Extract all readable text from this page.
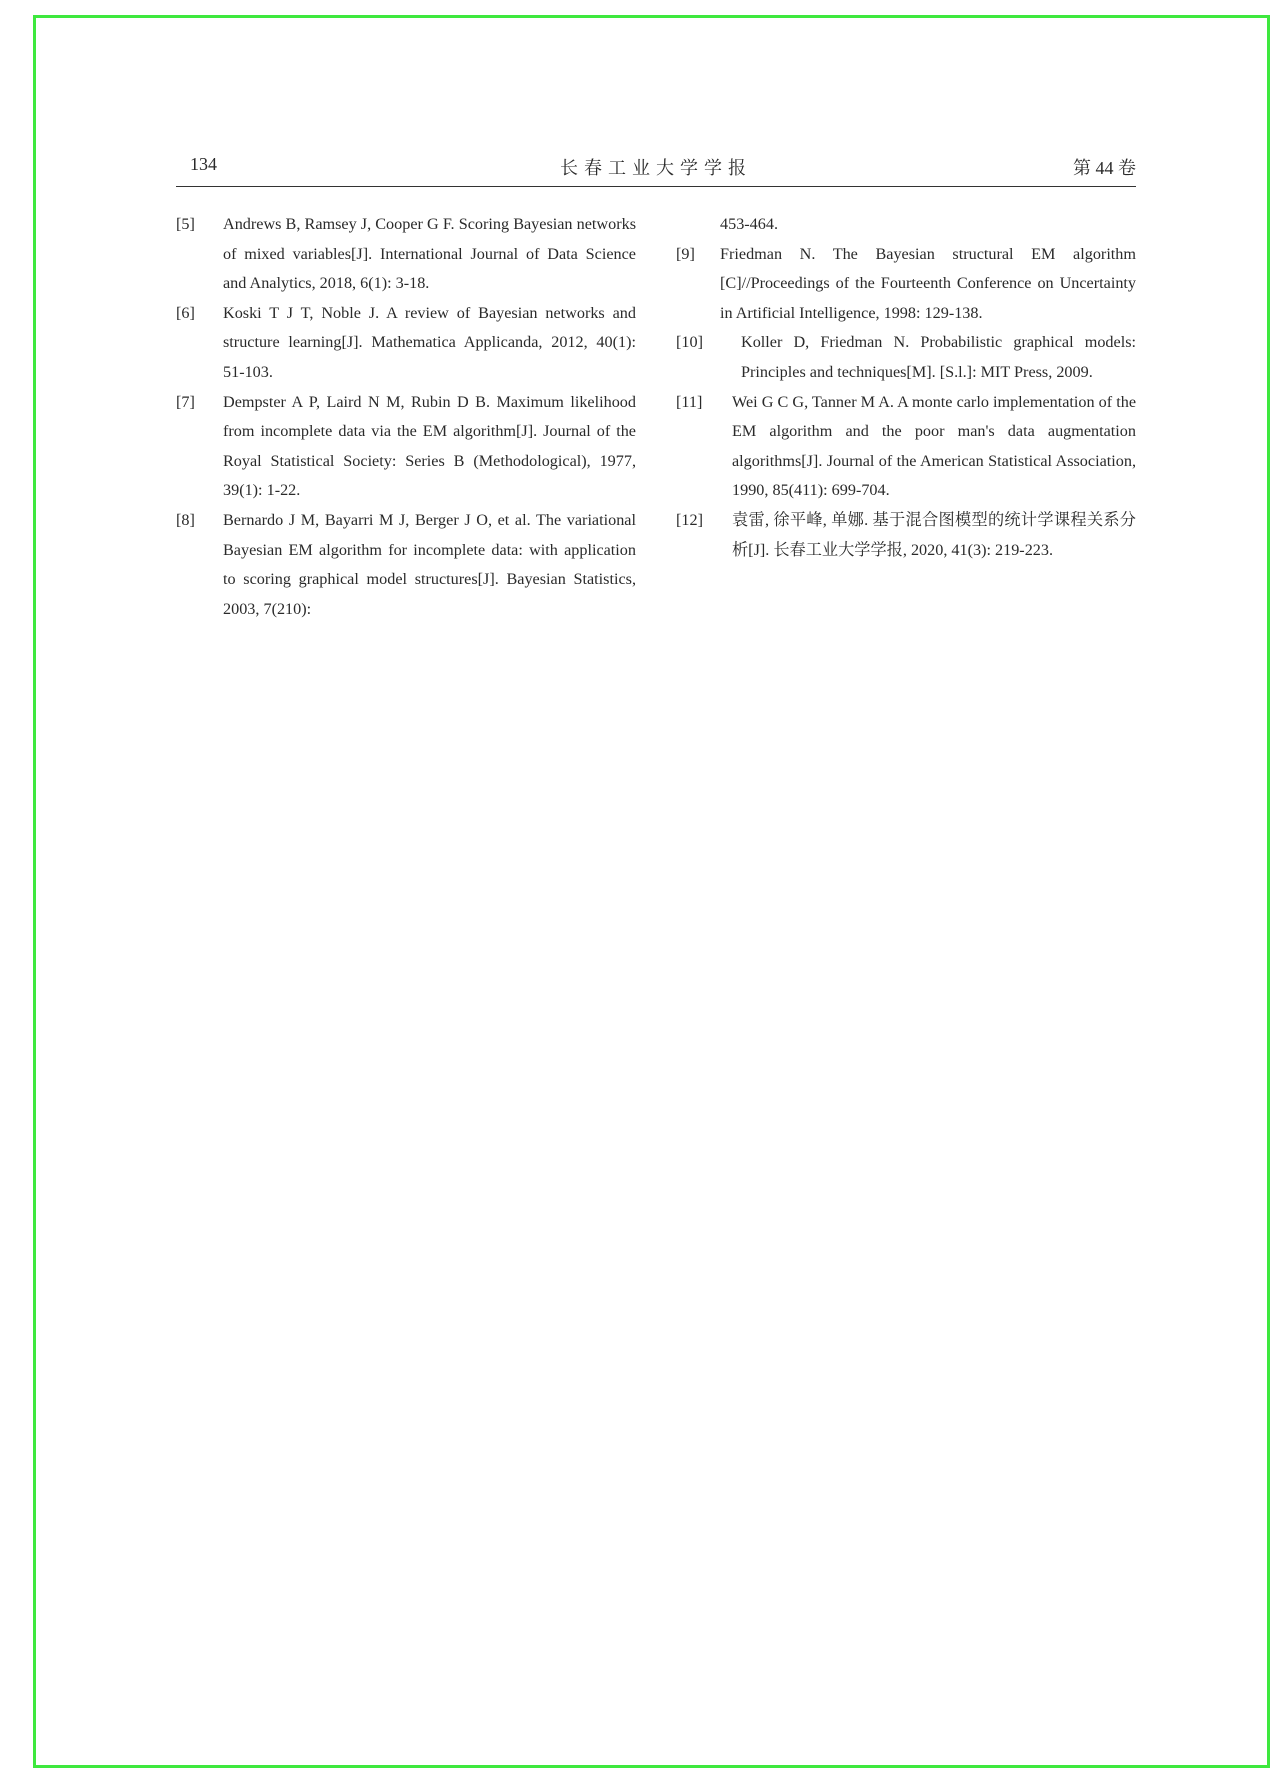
134	长春工业大学学报	第 44 卷

[5] Andrews B, Ramsey J, Cooper G F. Scoring Bayesian networks of mixed variables[J]. International Journal of Data Science and Analytics, 2018, 6(1): 3-18.

[6] Koski T J T, Noble J. A review of Bayesian networks and structure learning[J]. Mathematica Applicanda, 2012, 40(1): 51-103.

[7] Dempster A P, Laird N M, Rubin D B. Maximum likelihood from incomplete data via the EM algorithm[J]. Journal of the Royal Statistical Society: Series B (Methodological), 1977, 39(1): 1-22.

[8] Bernardo J M, Bayarri M J, Berger J O, et al. The variational Bayesian EM algorithm for incomplete data: with application to scoring graphical model structures[J]. Bayesian Statistics, 2003, 7(210):

453-464.

[9] Friedman N. The Bayesian structural EM algorithm [C]//Proceedings of the Fourteenth Conference on Uncertainty in Artificial Intelligence, 1998: 129-138.

[10] Koller D, Friedman N. Probabilistic graphical models: Principles and techniques[M]. [S.l.]: MIT Press, 2009.

[11] Wei G C G, Tanner M A. A monte carlo implementation of the EM algorithm and the poor man's data augmentation algorithms[J]. Journal of the American Statistical Association, 1990, 85(411): 699-704.

[12] 袁雷, 徐平峰, 单娜. 基于混合图模型的统计学课程关系分析[J]. 长春工业大学学报, 2020, 41(3): 219-223.
